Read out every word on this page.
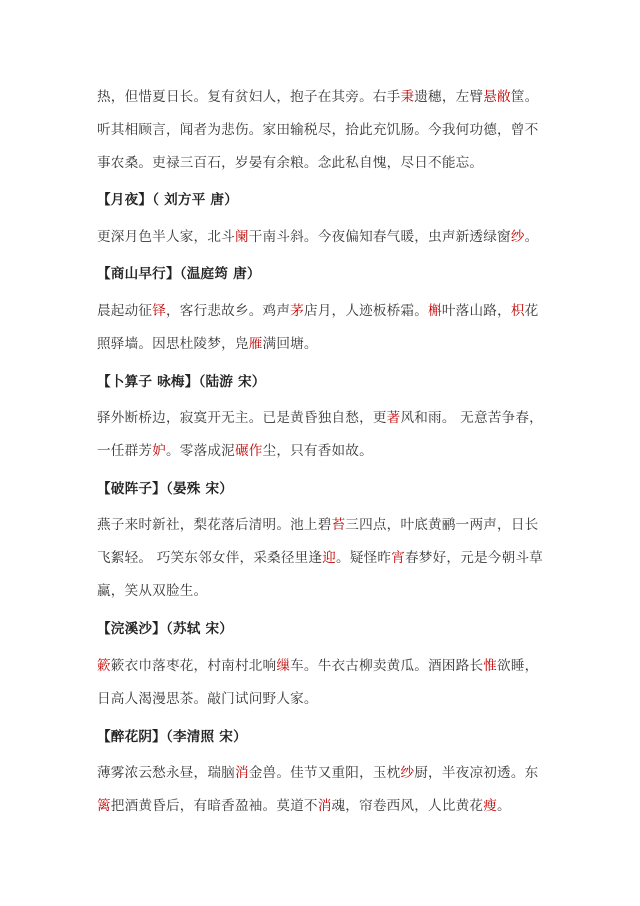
热，但惜夏日长。复有贫妇人，抱子在其旁。右手秉遗穗，左臂悬敝筐。
听其相顾言，闻者为悲伤。家田输税尽，拾此充饥肠。今我何功德，曾不
事农桑。吏禄三百石，岁晏有余粮。念此私自愧，尽日不能忘。
【月夜】（ 刘方平 唐）
更深月色半人家，北斗阑干南斗斜。今夜偏知春气暖，虫声新透绿窗纱。
【商山早行】（温庭筠 唐）
晨起动征铎，客行悲故乡。鸡声茅店月，人迹板桥霜。槲叶落山路，枳花
照驿墙。因思杜陵梦，凫雁满回塘。
【卜算子 咏梅】（陆游 宋）
驿外断桥边，寂寞开无主。已是黄昏独自愁，更著风和雨。 无意苦争春，
一任群芳妒。零落成泥碾作尘，只有香如故。
【破阵子】（晏殊 宋）
燕子来时新社，梨花落后清明。池上碧苔三四点，叶底黄鹂一两声，日长
飞絮轻。 巧笑东邻女伴，采桑径里逢迎。疑怪昨宵春梦好，元是今朝斗草
赢，笑从双脸生。
【浣溪沙】（苏轼 宋）
簌簌衣巾落枣花，村南村北响缫车。牛衣古柳卖黄瓜。酒困路长惟欲睡，
日高人渴漫思茶。敲门试问野人家。
【醉花阴】（李清照 宋）
薄雾浓云愁永昼，瑞脑消金兽。佳节又重阳，玉枕纱厨，半夜凉初透。东
篱把酒黄昏后，有暗香盈袖。莫道不消魂，帘卷西风，人比黄花瘦。
